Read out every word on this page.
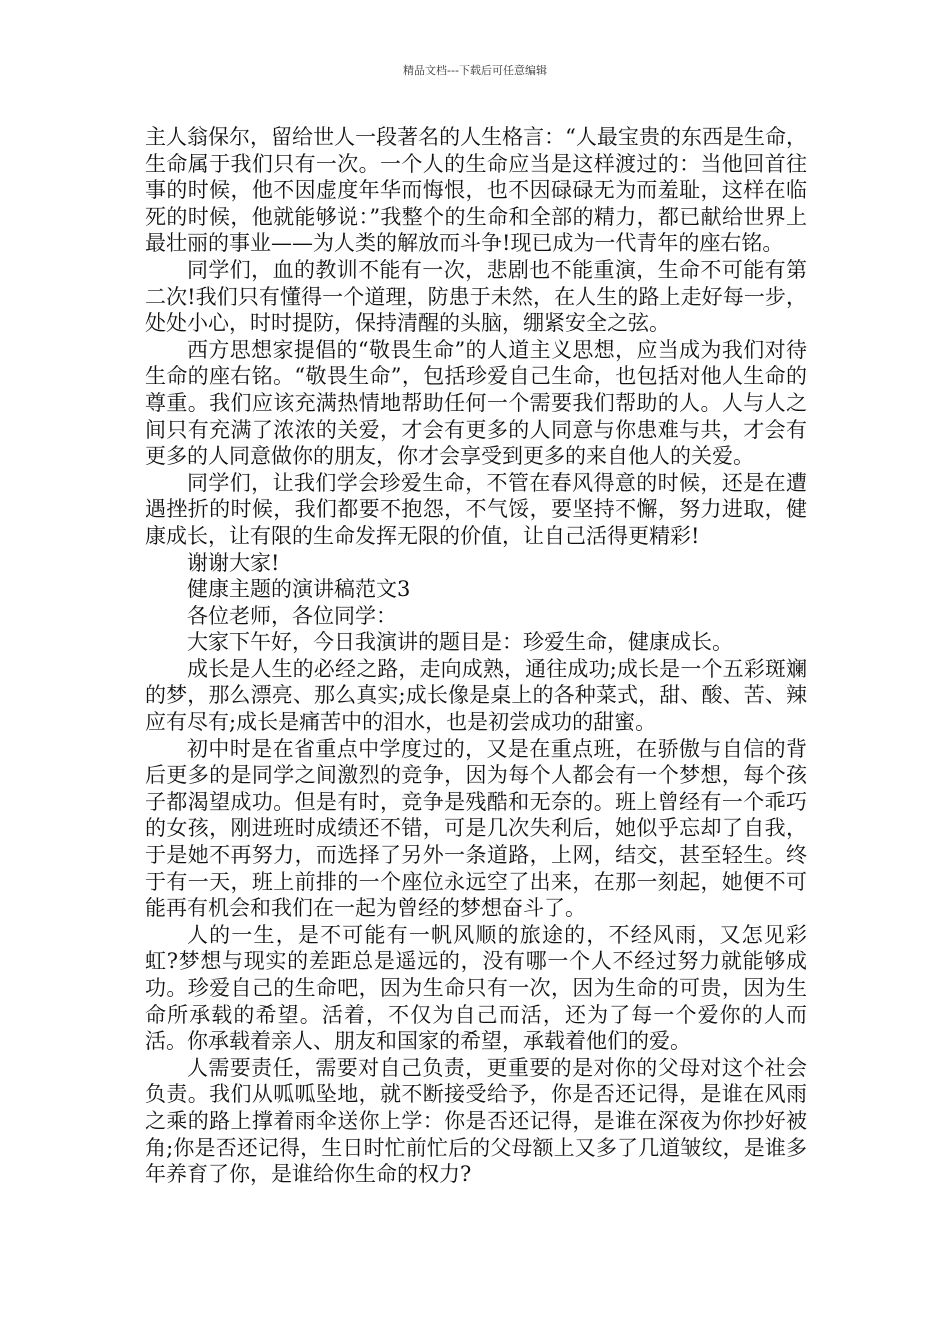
精品文档---下载后可任意编辑

主人翁保尔，留给世人一段著名的人生格言：“人最宝贵的东西是生命，生命属于我们只有一次。一个人的生命应当是这样渡过的：当他回首往事的时候，他不因虚度年华而悔恨，也不因碌碌无为而羞耻，这样在临死的时候，他就能够说：”我整个的生命和全部的精力，都已献给世界上最壮丽的事业——为人类的解放而斗争!现已成为一代青年的座右铭。

同学们，血的教训不能有一次，悲剧也不能重演，生命不可能有第二次!我们只有懂得一个道理，防患于未然，在人生的路上走好每一步，处处小心，时时提防，保持清醒的头脑，绷紧安全之弦。

西方思想家提倡的“敬畏生命”的人道主义思想，应当成为我们对待生命的座右铭。“敬畏生命”，包括珍爱自己生命，也包括对他人生命的尊重。我们应该充满热情地帮助任何一个需要我们帮助的人。人与人之间只有充满了浓浓的关爱，才会有更多的人同意与你患难与共，才会有更多的人同意做你的朋友，你才会享受到更多的来自他人的关爱。

同学们，让我们学会珍爱生命，不管在春风得意的时候，还是在遭遇挫折的时候，我们都要不抱怨，不气馁，要坚持不懈，努力进取，健康成长，让有限的生命发挥无限的价值，让自己活得更精彩!

谢谢大家!

健康主题的演讲稿范文3

各位老师，各位同学：

大家下午好，今日我演讲的题目是：珍爱生命，健康成长。

成长是人生的必经之路，走向成熟，通往成功;成长是一个五彩斑斓的梦，那么漂亮、那么真实;成长像是桌上的各种菜式，甜、酸、苦、辣应有尽有;成长是痛苦中的泪水，也是初尝成功的甜蜜。

初中时是在省重点中学度过的，又是在重点班，在骄傲与自信的背后更多的是同学之间激烈的竞争，因为每个人都会有一个梦想，每个孩子都渴望成功。但是有时，竞争是残酷和无奈的。班上曾经有一个乖巧的女孩，刚进班时成绩还不错，可是几次失利后，她似乎忘却了自我，于是她不再努力，而选择了另外一条道路，上网，结交，甚至轻生。终于有一天，班上前排的一个座位永远空了出来，在那一刻起，她便不可能再有机会和我们在一起为曾经的梦想奋斗了。

人的一生，是不可能有一帆风顺的旅途的，不经风雨，又怎见彩虹?梦想与现实的差距总是遥远的，没有哪一个人不经过努力就能够成功。珍爱自己的生命吧，因为生命只有一次，因为生命的可贵，因为生命所承载的希望。活着，不仅为自己而活，还为了每一个爱你的人而活。你承载着亲人、朋友和国家的希望，承载着他们的爱。

人需要责任，需要对自己负责，更重要的是对你的父母对这个社会负责。我们从呱呱坠地，就不断接受给予，你是否还记得，是谁在风雨之乘的路上撑着雨伞送你上学：你是否还记得，是谁在深夜为你抄好被角;你是否还记得，生日时忙前忙后的父母额上又多了几道皱纹，是谁多年养育了你，是谁给你生命的权力?
